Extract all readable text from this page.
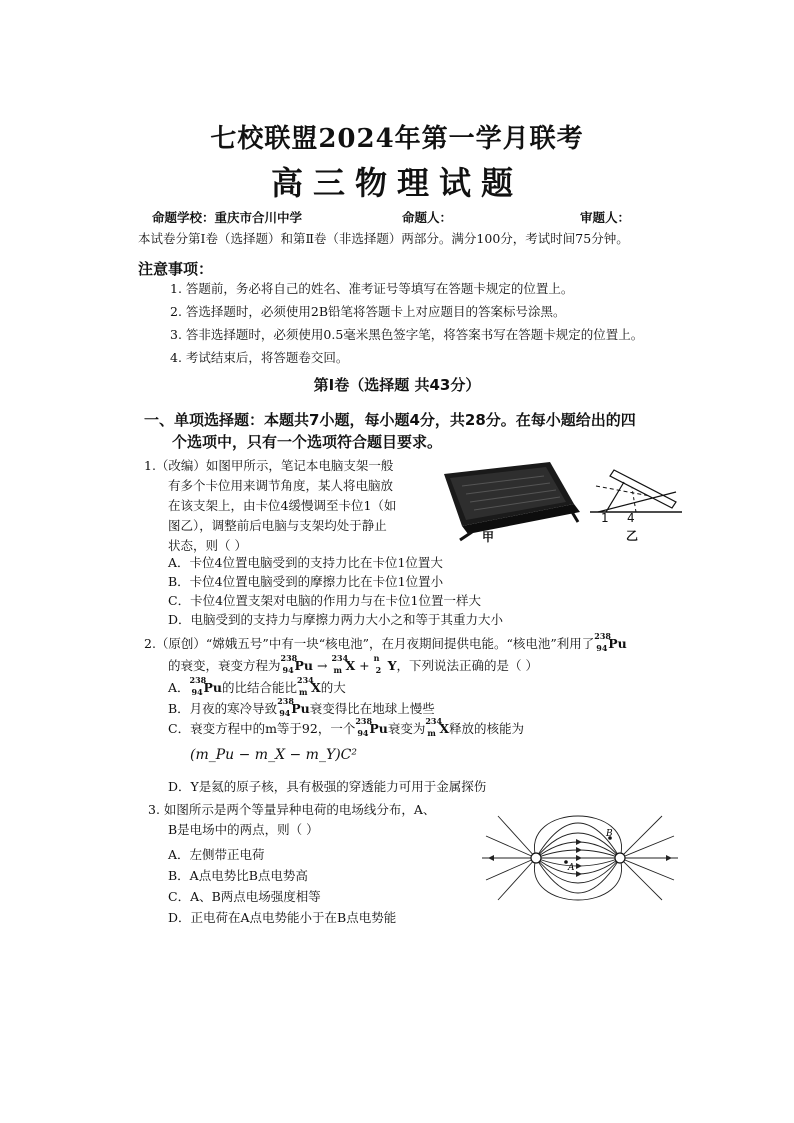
七校联盟2024年第一学月联考
高三物理试题
命题学校：重庆市合川中学	命题人：	审题人：
本试卷分第Ⅰ卷（选择题）和第Ⅱ卷（非选择题）两部分。满分100分，考试时间75分钟。
注意事项：
1. 答题前，务必将自己的姓名、准考证号等填写在答题卡规定的位置上。
2. 答选择题时，必须使用2B铅笔将答题卡上对应题目的答案标号涂黑。
3. 答非选择题时，必须使用0.5毫米黑色签字笔，将答案书写在答题卡规定的位置上。
4. 考试结束后，将答题卷交回。
第Ⅰ卷（选择题 共43分）
一、单项选择题：本题共7小题，每小题4分，共28分。在每小题给出的四
个选项中，只有一个选项符合题目要求。
1.（改编）如图甲所示，笔记本电脑支架一般
有多个卡位用来调节角度，某人将电脑放
在该支架上，由卡位4缓慢调至卡位1（如
图乙），调整前后电脑与支架均处于静止
状态，则（ ）
甲
1 4
乙
A．卡位4位置电脑受到的支持力比在卡位1位置大
B．卡位4位置电脑受到的摩擦力比在卡位1位置小
C．卡位4位置支架对电脑的作用力与在卡位1位置一样大
D．电脑受到的支持力与摩擦力两力大小之和等于其重力大小
2.（原创）“嫦娥五号”中有一块“核电池”，在月夜期间提供电能。“核电池”利用了 238
94 Pu
的衰变，衰变方程为 238
94 Pu → 234
m X + n
2 Y，下列说法正确的是（ ）
A． 238
94 Pu的比结合能比 234
m X的大
B．月夜的寒冷导致 238
94 Pu衰变得比在地球上慢些
C．衰变方程中的m等于92，一个 238
94 Pu衰变为 234
m X释放的核能为
(m_Pu − m_X − m_Y)C²
D．Y是氦的原子核，具有极强的穿透能力可用于金属探伤
3. 如图所示是两个等量异种电荷的电场线分布，A、
B是电场中的两点，则（ ）
A．左侧带正电荷
B．A点电势比B点电势高
C．A、B两点电场强度相等
D．正电荷在A点电势能小于在B点电势能
A
B
